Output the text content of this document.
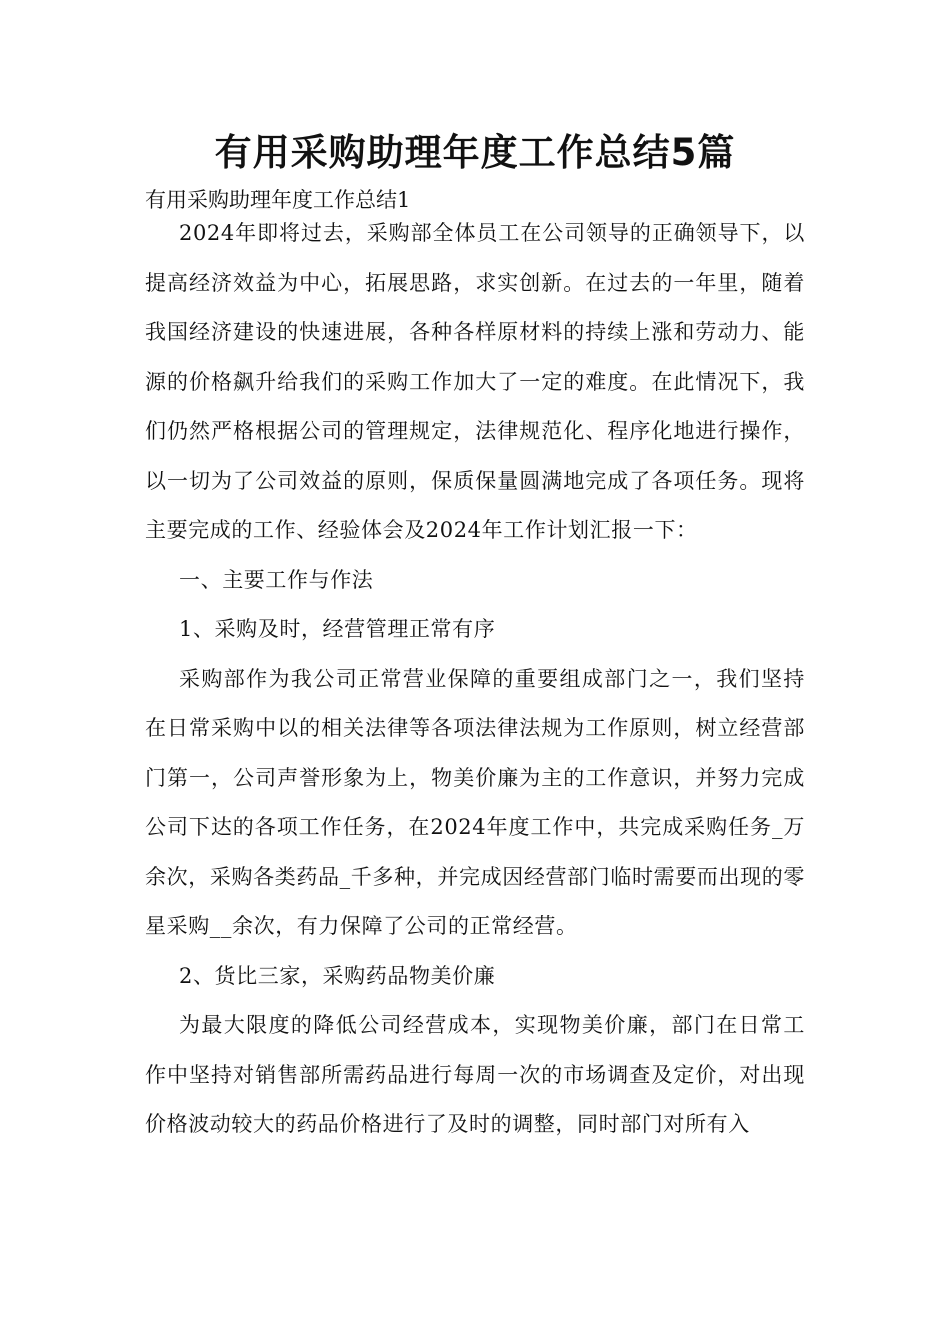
有用采购助理年度工作总结5篇
有用采购助理年度工作总结1

2024年即将过去，采购部全体员工在公司领导的正确领导下，以提高经济效益为中心，拓展思路，求实创新。在过去的一年里，随着我国经济建设的快速进展，各种各样原材料的持续上涨和劳动力、能源的价格飙升给我们的采购工作加大了一定的难度。在此情况下，我们仍然严格根据公司的管理规定，法律规范化、程序化地进行操作，以一切为了公司效益的原则，保质保量圆满地完成了各项任务。现将主要完成的工作、经验体会及2024年工作计划汇报一下：

一、主要工作与作法

1、采购及时，经营管理正常有序

采购部作为我公司正常营业保障的重要组成部门之一，我们坚持在日常采购中以的相关法律等各项法律法规为工作原则，树立经营部门第一，公司声誉形象为上，物美价廉为主的工作意识，并努力完成公司下达的各项工作任务，在2024年度工作中，共完成采购任务_万余次，采购各类药品_千多种，并完成因经营部门临时需要而出现的零星采购__余次，有力保障了公司的正常经营。

2、货比三家，采购药品物美价廉

为最大限度的降低公司经营成本，实现物美价廉，部门在日常工作中坚持对销售部所需药品进行每周一次的市场调查及定价，对出现价格波动较大的药品价格进行了及时的调整，同时部门对所有入
